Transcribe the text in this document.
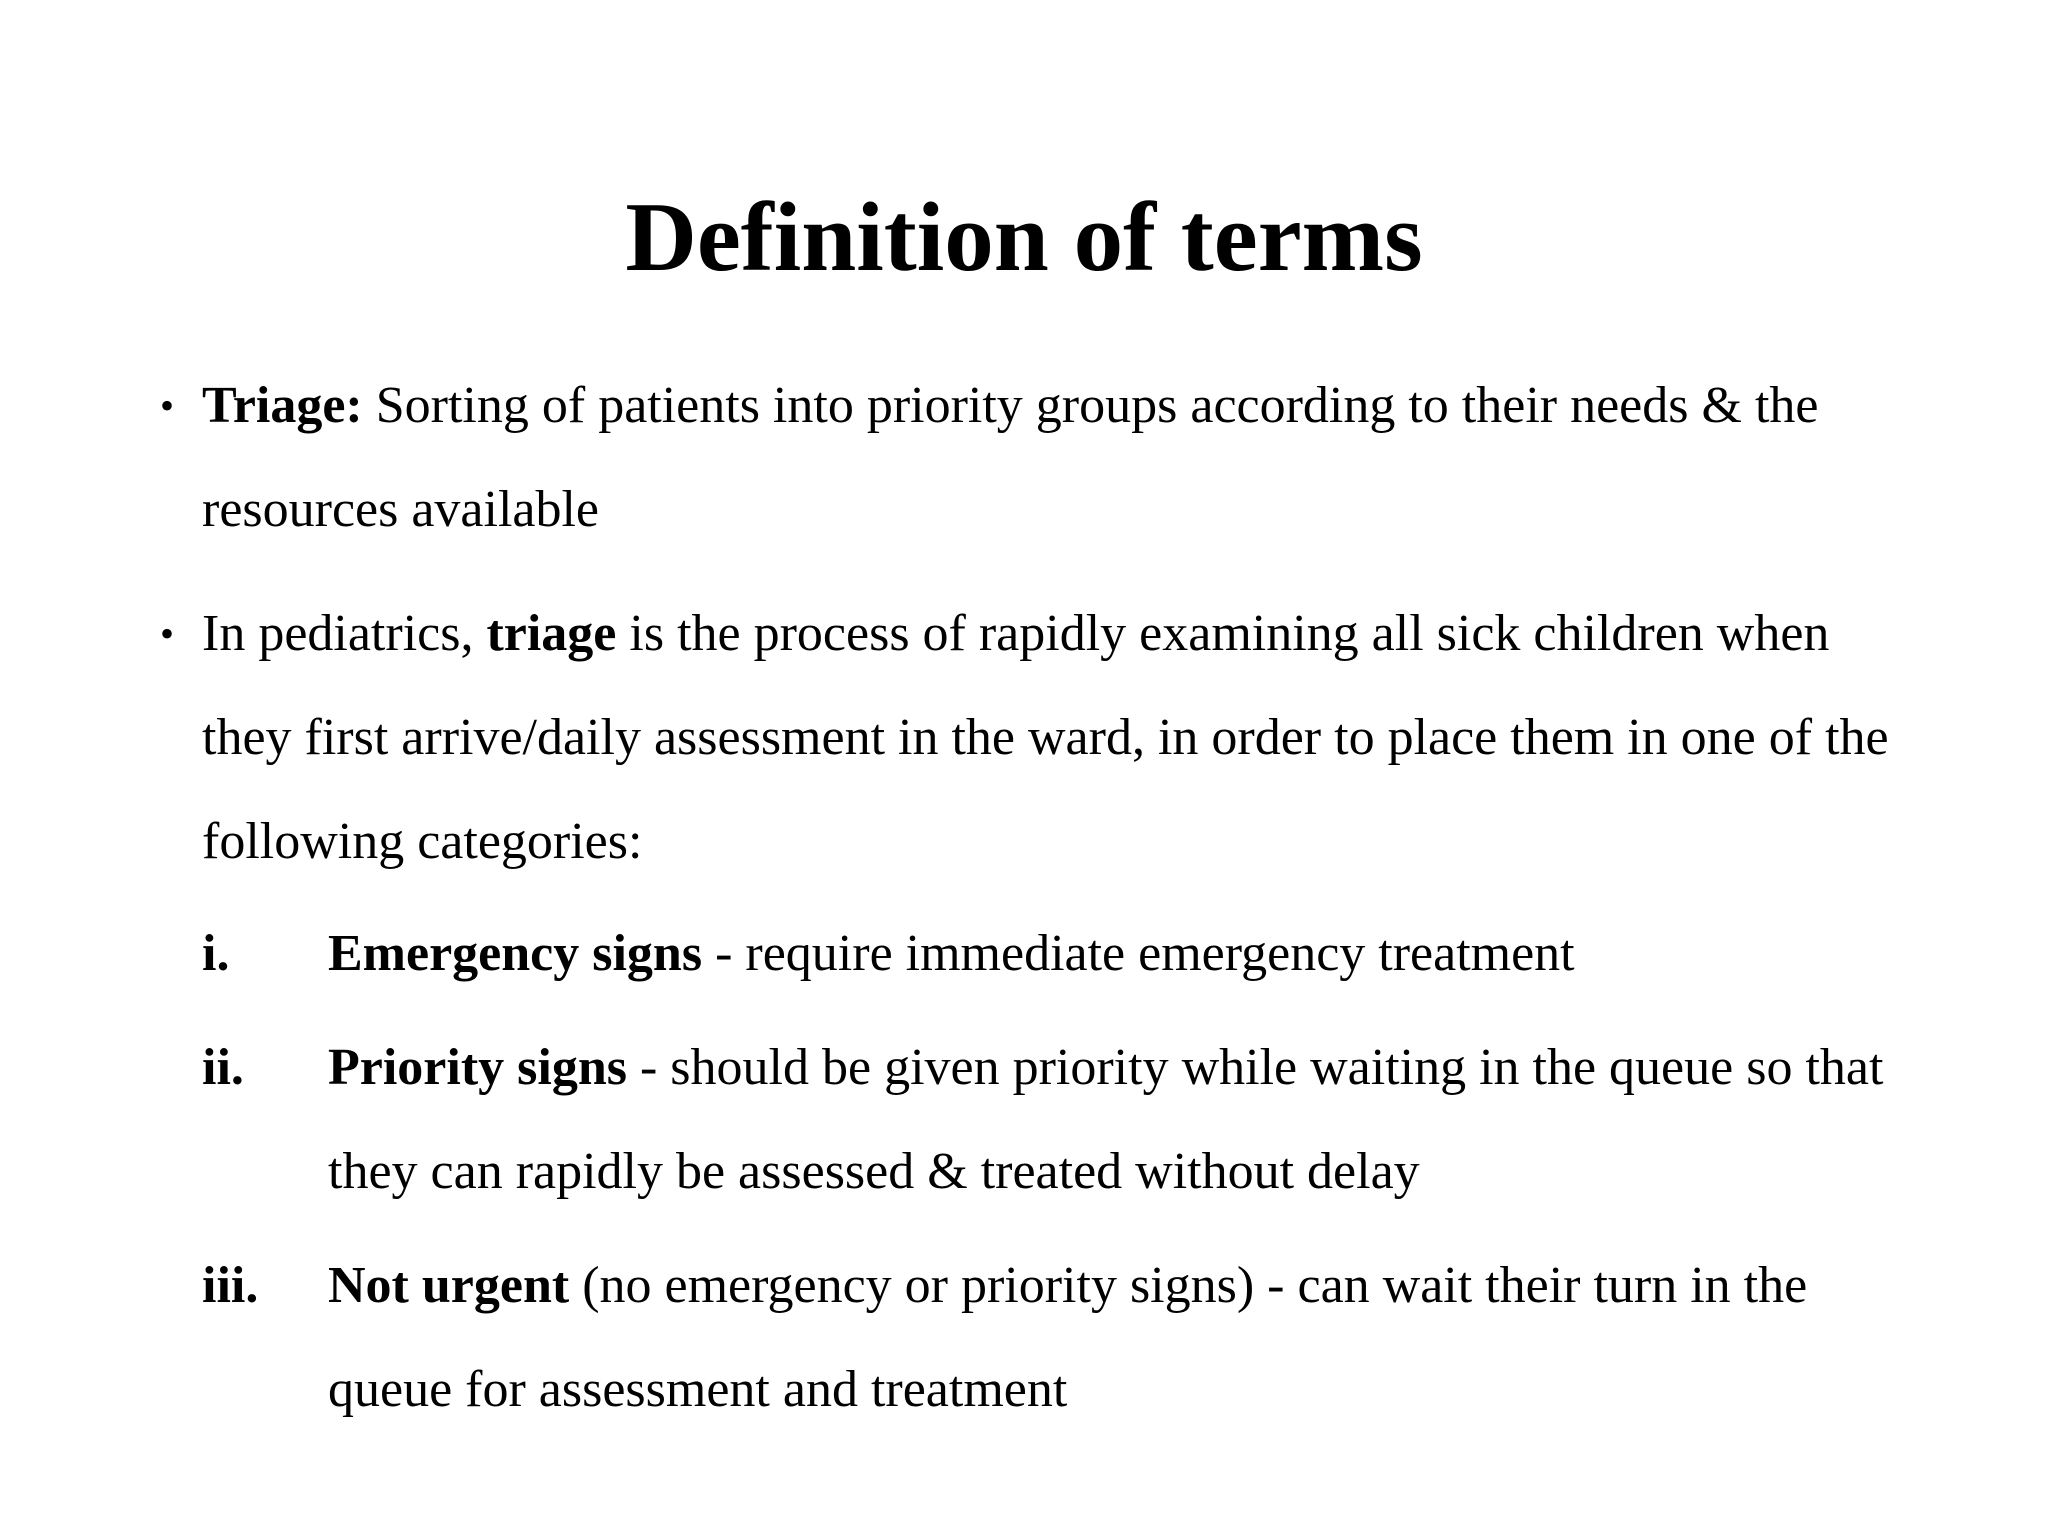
Definition of terms
• Triage: Sorting of patients into priority groups according to their needs & the resources available
• In pediatrics, triage is the process of rapidly examining all sick children when they first arrive/daily assessment in the ward, in order to place them in one of the following categories:
i. Emergency signs - require immediate emergency treatment
ii. Priority signs - should be given priority while waiting in the queue so that they can rapidly be assessed & treated without delay
iii. Not urgent (no emergency or priority signs) - can wait their turn in the queue for assessment and treatment
